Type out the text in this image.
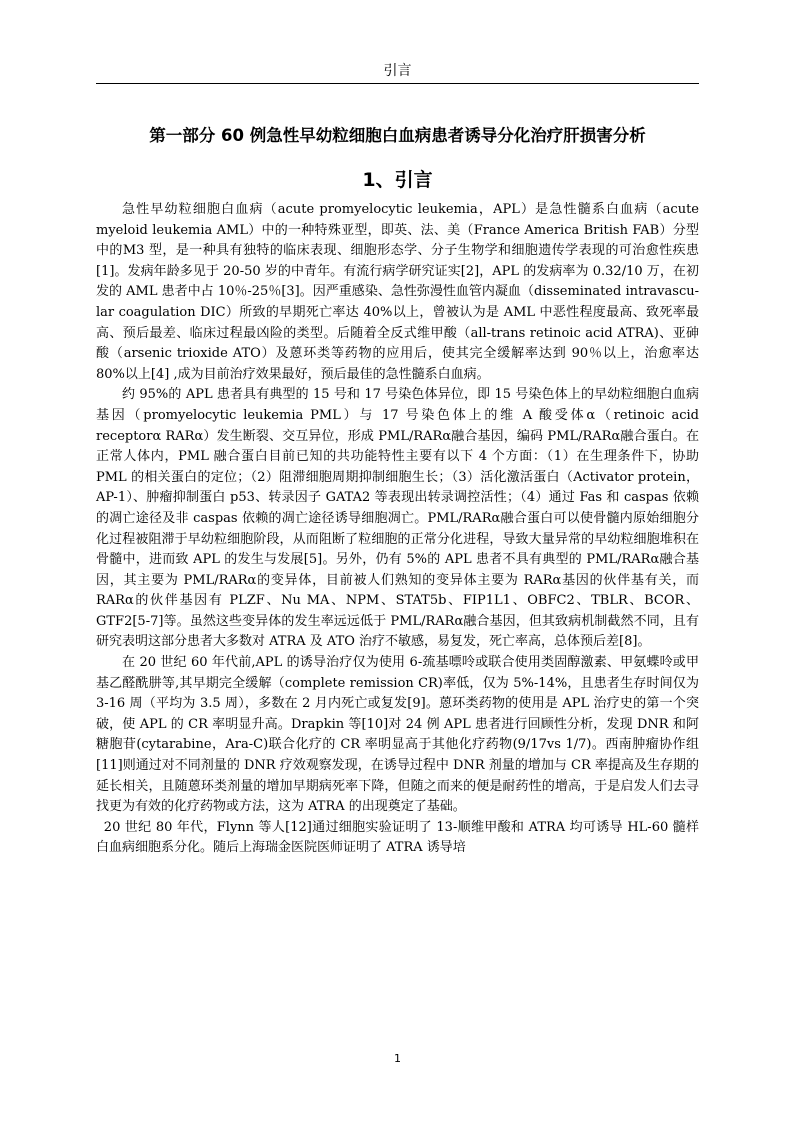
引言
第一部分 60 例急性早幼粒细胞白血病患者诱导分化治疗肝损害分析
1、引言

急性早幼粒细胞白血病（acute promyelocytic leukemia，APL）是急性髓系白血病（acute myeloid leukemia AML）中的一种特殊亚型，即英、法、美（France America British FAB）分型中的M3 型，是一种具有独特的临床表现、细胞形态学、分子生物学和细胞遗传学表现的可治愈性疾患[1]。发病年龄多见于 20-50 岁的中青年。有流行病学研究证实[2]，APL 的发病率为 0.32/10 万，在初发的 AML 患者中占 10％-25％[3]。因严重感染、急性弥漫性血管内凝血（disseminated intravascu-lar coagulation DIC）所致的早期死亡率达 40%以上，曾被认为是 AML 中恶性程度最高、致死率最高、预后最差、临床过程最凶险的类型。后随着全反式维甲酸（all-trans retinoic acid ATRA)、亚砷酸（arsenic trioxide ATO）及蒽环类等药物的应用后，使其完全缓解率达到 90％以上，治愈率达 80%以上[4] ,成为目前治疗效果最好，预后最佳的急性髓系白血病。

约 95%的 APL 患者具有典型的 15 号和 17 号染色体异位，即 15 号染色体上的早幼粒细胞白血病基因（promyelocytic leukemia PML）与 17 号染色体上的维 A 酸受体α（retinoic acid receptorα RARα）发生断裂、交互异位，形成 PML/RARα融合基因，编码 PML/RARα融合蛋白。在正常人体内，PML 融合蛋白目前已知的共功能特性主要有以下 4 个方面：（1）在生理条件下，协助 PML 的相关蛋白的定位；（2）阻滞细胞周期抑制细胞生长；（3）活化激活蛋白（Activator protein，AP-1）、肿瘤抑制蛋白 p53、转录因子 GATA2 等表现出转录调控活性；（4）通过 Fas 和 caspas 依赖的凋亡途径及非 caspas 依赖的凋亡途径诱导细胞凋亡。PML/RARα融合蛋白可以使骨髓内原始细胞分化过程被阻滞于早幼粒细胞阶段，从而阻断了粒细胞的正常分化进程，导致大量异常的早幼粒细胞堆积在骨髓中，进而致 APL 的发生与发展[5]。另外，仍有 5%的 APL 患者不具有典型的 PML/RARα融合基因，其主要为 PML/RARα的变异体，目前被人们熟知的变异体主要为 RARα基因的伙伴基有关，而 RARα的伙伴基因有 PLZF、Nu MA、NPM、STAT5b、FIP1L1、OBFC2、TBLR、BCOR、GTF2[5-7]等。虽然这些变异体的发生率远远低于 PML/RARα融合基因，但其致病机制截然不同，且有研究表明这部分患者大多数对 ATRA 及 ATO 治疗不敏感，易复发，死亡率高，总体预后差[8]。

在 20 世纪 60 年代前,APL 的诱导治疗仅为使用 6-巯基嘌呤或联合使用类固醇激素、甲氨蝶呤或甲基乙醛酰肼等,其早期完全缓解（complete remission CR)率低，仅为 5%-14%，且患者生存时间仅为 3-16 周（平均为 3.5 周），多数在 2 月内死亡或复发[9]。蒽环类药物的使用是 APL 治疗史的第一个突破，使 APL 的 CR 率明显升高。Drapkin 等[10]对 24 例 APL 患者进行回顾性分析，发现 DNR 和阿糖胞苷(cytarabine，Ara-C)联合化疗的 CR 率明显高于其他化疗药物(9/17vs 1/7)。西南肿瘤协作组[11]则通过对不同剂量的 DNR 疗效观察发现，在诱导过程中 DNR 剂量的增加与 CR 率提高及生存期的延长相关，且随蒽环类剂量的增加早期病死率下降，但随之而来的便是耐药性的增高，于是启发人们去寻找更为有效的化疗药物或方法，这为 ATRA 的出现奠定了基础。

20 世纪 80 年代，Flynn 等人[12]通过细胞实验证明了 13-顺维甲酸和 ATRA 均可诱导 HL-60 髓样白血病细胞系分化。随后上海瑞金医院医师证明了 ATRA 诱导培

1
